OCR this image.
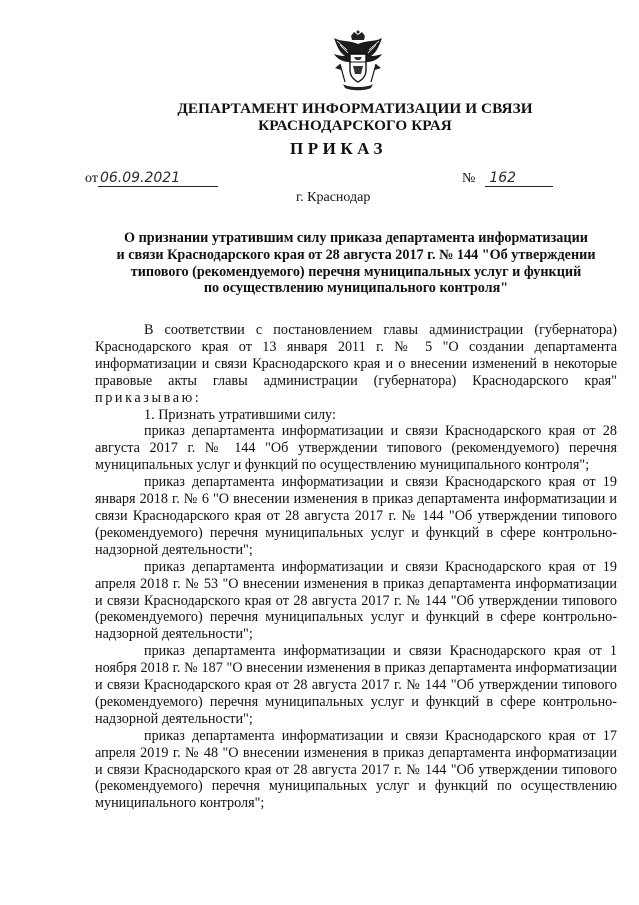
ДЕПАРТАМЕНТ ИНФОРМАТИЗАЦИИ И СВЯЗИ
КРАСНОДАРСКОГО КРАЯ
ПРИКАЗ
от 06.09.2021	№ 162
г. Краснодар
О признании утратившим силу приказа департамента информатизации
и связи Краснодарского края от 28 августа 2017 г. № 144 "Об утверждении
типового (рекомендуемого) перечня муниципальных услуг и функций
по осуществлению муниципального контроля"

В соответствии с постановлением главы администрации (губернатора) Краснодарского края от 13 января 2011 г. № 5 "О создании департамента информатизации и связи Краснодарского края и о внесении изменений в некоторые правовые акты главы администрации (губернатора) Краснодарского края" приказываю:

1. Признать утратившими силу:

приказ департамента информатизации и связи Краснодарского края от 28 августа 2017 г. № 144 "Об утверждении типового (рекомендуемого) перечня муниципальных услуг и функций по осуществлению муниципального контроля";

приказ департамента информатизации и связи Краснодарского края от 19 января 2018 г. № 6 "О внесении изменения в приказ департамента информатизации и связи Краснодарского края от 28 августа 2017 г. № 144 "Об утверждении типового (рекомендуемого) перечня муниципальных услуг и функций в сфере контрольно-надзорной деятельности";

приказ департамента информатизации и связи Краснодарского края от 19 апреля 2018 г. № 53 "О внесении изменения в приказ департамента информатизации и связи Краснодарского края от 28 августа 2017 г. № 144 "Об утверждении типового (рекомендуемого) перечня муниципальных услуг и функций в сфере контрольно-надзорной деятельности";

приказ департамента информатизации и связи Краснодарского края от 1 ноября 2018 г. № 187 "О внесении изменения в приказ департамента информатизации и связи Краснодарского края от 28 августа 2017 г. № 144 "Об утверждении типового (рекомендуемого) перечня муниципальных услуг и функций в сфере контрольно-надзорной деятельности";

приказ департамента информатизации и связи Краснодарского края от 17 апреля 2019 г. № 48 "О внесении изменения в приказ департамента информатизации и связи Краснодарского края от 28 августа 2017 г. № 144 "Об утверждении типового (рекомендуемого) перечня муниципальных услуг и функций по осуществлению муниципального контроля";
